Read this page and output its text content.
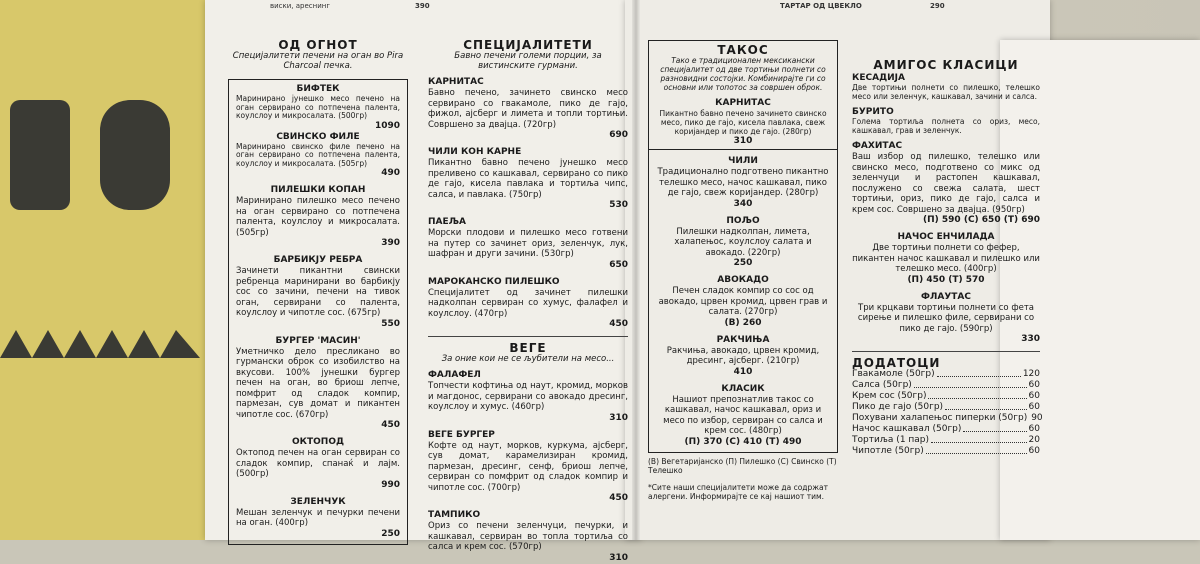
виски, ареснинг	390	ТАРТАР ОД ЦВЕКЛО	290
ОД ОГНОТ
Специјалитети печени на оган во Pira Charcoal печка.
БИФТЕК
Маринирано јунешко месо печено на оган сервирано со потпечена палента, коулслоу и микросалата. (500гр)
1090
СВИНСКО ФИЛЕ
Маринирано свинско филе печено на оган сервирано со потпечена палента, коулслоу и микросалата. (505гр)
490
ПИЛЕШКИ КОПАН
Маринирано пилешко месо печено на оган сервирано со потпечена палента, коулслоу и микросалата. (505гр)
390
БАРБИКЈУ РЕБРА
Зачинети пикантни свински ребренца маринирани во барбикју сос со зачини, печени на тивок оган, сервирани со палента, коулслоу и чипотле сос. (675гр)
550
БУРГЕР 'МАСИН'
Уметничко дело пресликано во гурмански оброк со изобилство на вкусови. 100% јунешки бургер печен на оган, во бриош лепче, помфрит од сладок компир, пармезан, сув домат и пикантен чипотле сос. (670гр)
450
ОКТОПОД
Октопод печен на оган сервиран со сладок компир, спанаќ и лајм. (500гр)
990
ЗЕЛЕНЧУК
Мешан зеленчук и печурки печени на оган. (400гр)
250
СПЕЦИЈАЛИТЕТИ
Бавно печени големи порции, за вистинските гурмани.
КАРНИТАС
Бавно печено, зачинето свинско месо сервирано со гвакамоле, пико де гајо, фижол, ајсберг и лимета и топли тортињи. Совршено за двајца. (720гр)
690
ЧИЛИ КОН КАРНЕ
Пикантно бавно печено јунешко месо преливено со кашкавал, сервирано со пико де гајо, кисела павлака и тортиља чипс, салса, и павлака. (750гр)
530
ПАЕЉА
Морски плодови и пилешко месо готвени на путер со зачинет ориз, зеленчук, лук, шафран и други зачини. (530гр)
650
МАРОКАНСКО ПИЛЕШКО
Специјалитет од зачинет пилешки надколпан сервиран со хумус, фалафел и коулслоу. (470гр)
450
ВЕГЕ
За оние кои не се љубители на месо...
ФАЛАФЕЛ
Топчести кофтиња од наут, кромид, морков и магдонос, сервирани со авокадо дресинг, коулслоу и хумус. (460гр)
310
ВЕГЕ БУРГЕР
Кофте од наут, морков, куркума, ајсберг, сув домат, карамелизиран кромид, пармезан, дресинг, сенф, бриош лепче, сервиран со помфрит од сладок компир и чипотле сос. (700гр)
450
ТАМПИКО
Ориз со печени зеленчуци, печурки, и кашкавал, сервиран во топла тортиља со салса и крем сос. (570гр)
310
ТАКОС
Тако е традиционален мексикански специјалитет од две тортињи полнети со разновидни состојки. Комбинирајте ги со основни или топотос за совршен оброк.
КАРНИТАС
Пикантно бавно печено зачинето свинско месо, пико де гајо, кисела павлака, свеж коријандер и пико де гајо. (280гр)
310
ЧИЛИ
Традиционално подготвено пикантно телешко месо, начос кашкавал, пико де гајо, свеж коријандер. (280гр)
340
ПОЉО
Пилешки надколпан, лимета, халапењос, коулслоу салата и авокадо. (220гр)
250
АВОКАДО
Печен сладок компир со сос од авокадо, црвен кромид, црвен грав и салата. (270гр)
(В) 260
РАКЧИЊА
Ракчиња, авокадо, црвен кромид, дресинг, ајсберг. (210гр)
410
КЛАСИК
Нашиот препознатлив такос со кашкавал, начос кашкавал, ориз и месо по избор, сервиран со салса и крем сос. (480гр)
(П) 370 (С) 410 (Т) 490
(В) Вегетаријанско (П) Пилешко (С) Свинско (Т) Телешко
*Сите наши специјалитети може да содржат алергени. Информирајте се кај нашиот тим.
АМИГОС КЛАСИЦИ
КЕСАДИЈА
Две тортињи полнети со пилешко, телешко месо или зеленчук, кашкавал, зачини и салса.
БУРИТО
Голема тортиља полнета со ориз, месо, кашкавал, грав и зеленчук.
ФАХИТАС
Ваш избор од пилешко, телешко или свинско месо, подготвено со микс од зеленчуци и растопен кашкавал, послужено со свежа салата, шест тортињи, ориз, пико де гајо, салса и крем сос. Совршено за двајца. (950гр)
(П) 590 (С) 650 (Т) 690
НАЧОС ЕНЧИЛАДА
Две тортињи полнети со фефер, пикантен начос кашкавал и пилешко или телешко месо. (400гр)
(П) 450 (Т) 570
ФЛАУТАС
Три крцкави тортињи полнети со фета сирење и пилешко филе, сервирани со пико де гајо. (590гр)
330
ДОДАТОЦИ
Гвакамоле (50гр)	120
Салса (50гр)	60
Крем сос (50гр)	60
Пико де гајо (50гр)	60
Похувани халапењос пиперки (50гр) 90
Начос кашкавал (50гр)	60
Тортиља (1 пар)	20
Чипотле (50гр)	60
